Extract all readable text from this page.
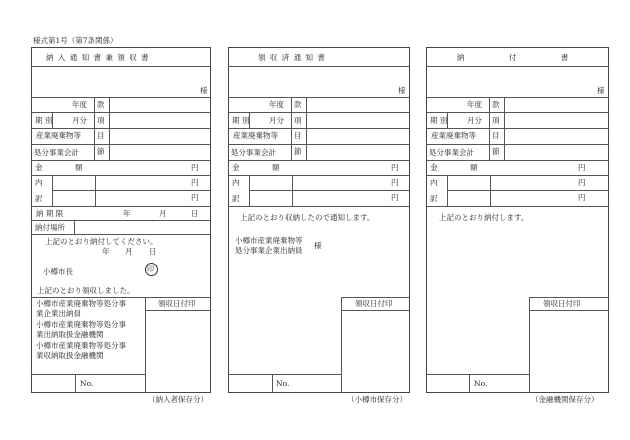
様式第1号（第7条関係）
納 入 通 知 書 兼 領 収 書
様
年度 款
期 別	月分 項
産業廃棄物等 目
処分事業会計 節
金	額	円
内	円
訳	円
納 期 限	年	月	日
納付場所
上記のとおり納付してください。
年 月 日
小樽市長	印
上記のとおり領収しました。
領収日付印
小樽市産業廃棄物等処分事
業企業出納員
小樽市産業廃棄物等処分事
業出納取扱金融機関
小樽市産業廃棄物等処分事
業収納取扱金融機関
No.
（納入者保存分）
領 収 済 通 知 書
様
年度 款
期 別	月分 項
産業廃棄物等 目
処分事業会計 節
金	額	円
内	円
訳	円
上記のとおり収納したので通知します。
小樽市産業廃棄物等
処分事業企業出納員
様
領収日付印
No.
（小樽市保存分）
納 付 書
様
年度 款
期 別	月分 項
産業廃棄物等 目
処分事業会計 節
金	額	円
内	円
訳	円
上記のとおり納付します。
領収日付印
No.
（金融機関保存分）
